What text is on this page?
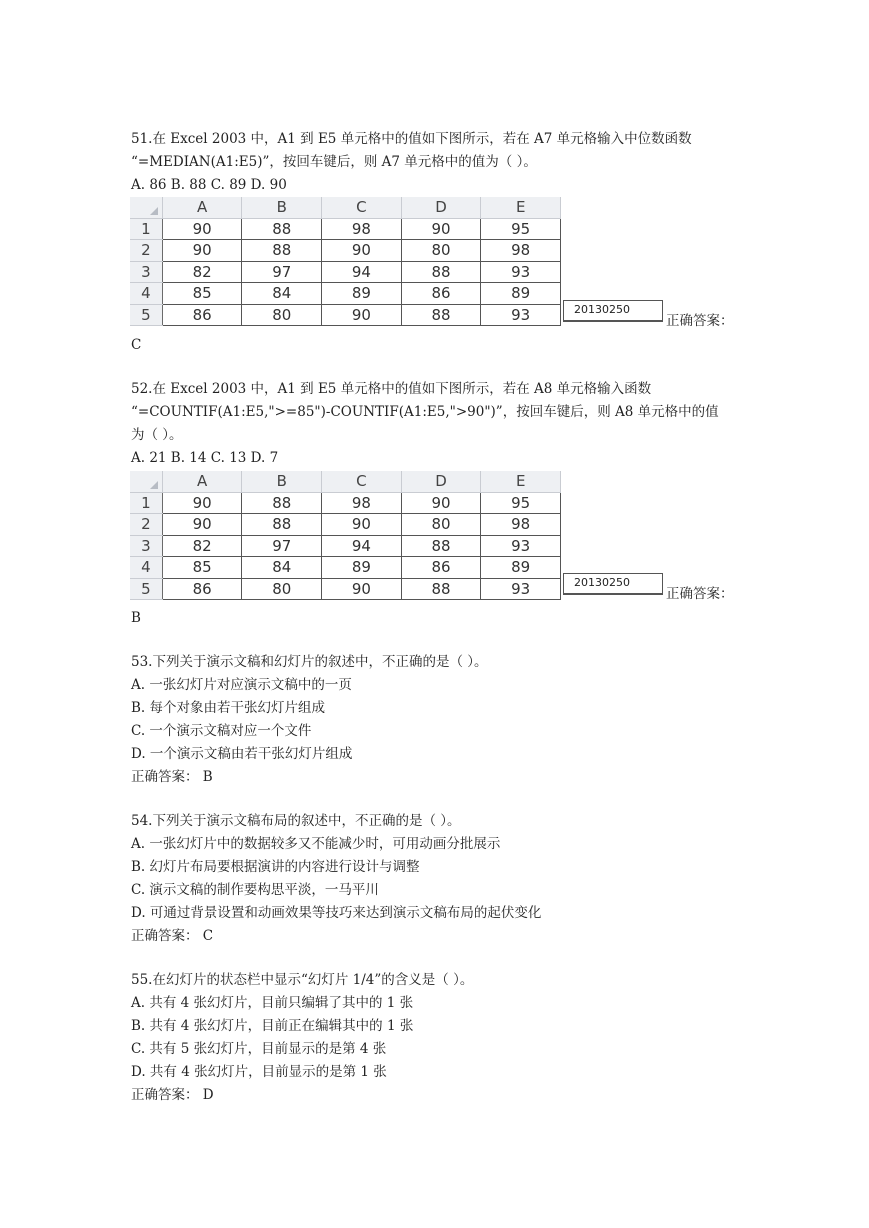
51.在 Excel 2003 中，A1 到 E5 单元格中的值如下图所示，若在 A7 单元格输入中位数函数
“=MEDIAN(A1:E5)”，按回车键后，则 A7 单元格中的值为（ ）。
A. 86 B. 88 C. 89 D. 90
	A	B	C	D	E
1	90	88	98	90	95
2	90	88	90	80	98
3	82	97	94	88	93
4	85	84	89	86	89
5	86	80	90	88	93	20130250
正确答案：
C
52.在 Excel 2003 中，A1 到 E5 单元格中的值如下图所示，若在 A8 单元格输入函数
“=COUNTIF(A1:E5,">=85")-COUNTIF(A1:E5,">90")”，按回车键后，则 A8 单元格中的值
为（ ）。
A. 21 B. 14 C. 13 D. 7
	A	B	C	D	E
1	90	88	98	90	95
2	90	88	90	80	98
3	82	97	94	88	93
4	85	84	89	86	89
5	86	80	90	88	93	20130250
正确答案：
B
53.下列关于演示文稿和幻灯片的叙述中，不正确的是（ ）。
A. 一张幻灯片对应演示文稿中的一页
B. 每个对象由若干张幻灯片组成
C. 一个演示文稿对应一个文件
D. 一个演示文稿由若干张幻灯片组成
正确答案： B
54.下列关于演示文稿布局的叙述中，不正确的是（ ）。
A. 一张幻灯片中的数据较多又不能减少时，可用动画分批展示
B. 幻灯片布局要根据演讲的内容进行设计与调整
C. 演示文稿的制作要构思平淡，一马平川
D. 可通过背景设置和动画效果等技巧来达到演示文稿布局的起伏变化
正确答案： C
55.在幻灯片的状态栏中显示“幻灯片 1/4”的含义是（ ）。
A. 共有 4 张幻灯片，目前只编辑了其中的 1 张
B. 共有 4 张幻灯片，目前正在编辑其中的 1 张
C. 共有 5 张幻灯片，目前显示的是第 4 张
D. 共有 4 张幻灯片，目前显示的是第 1 张
正确答案： D
